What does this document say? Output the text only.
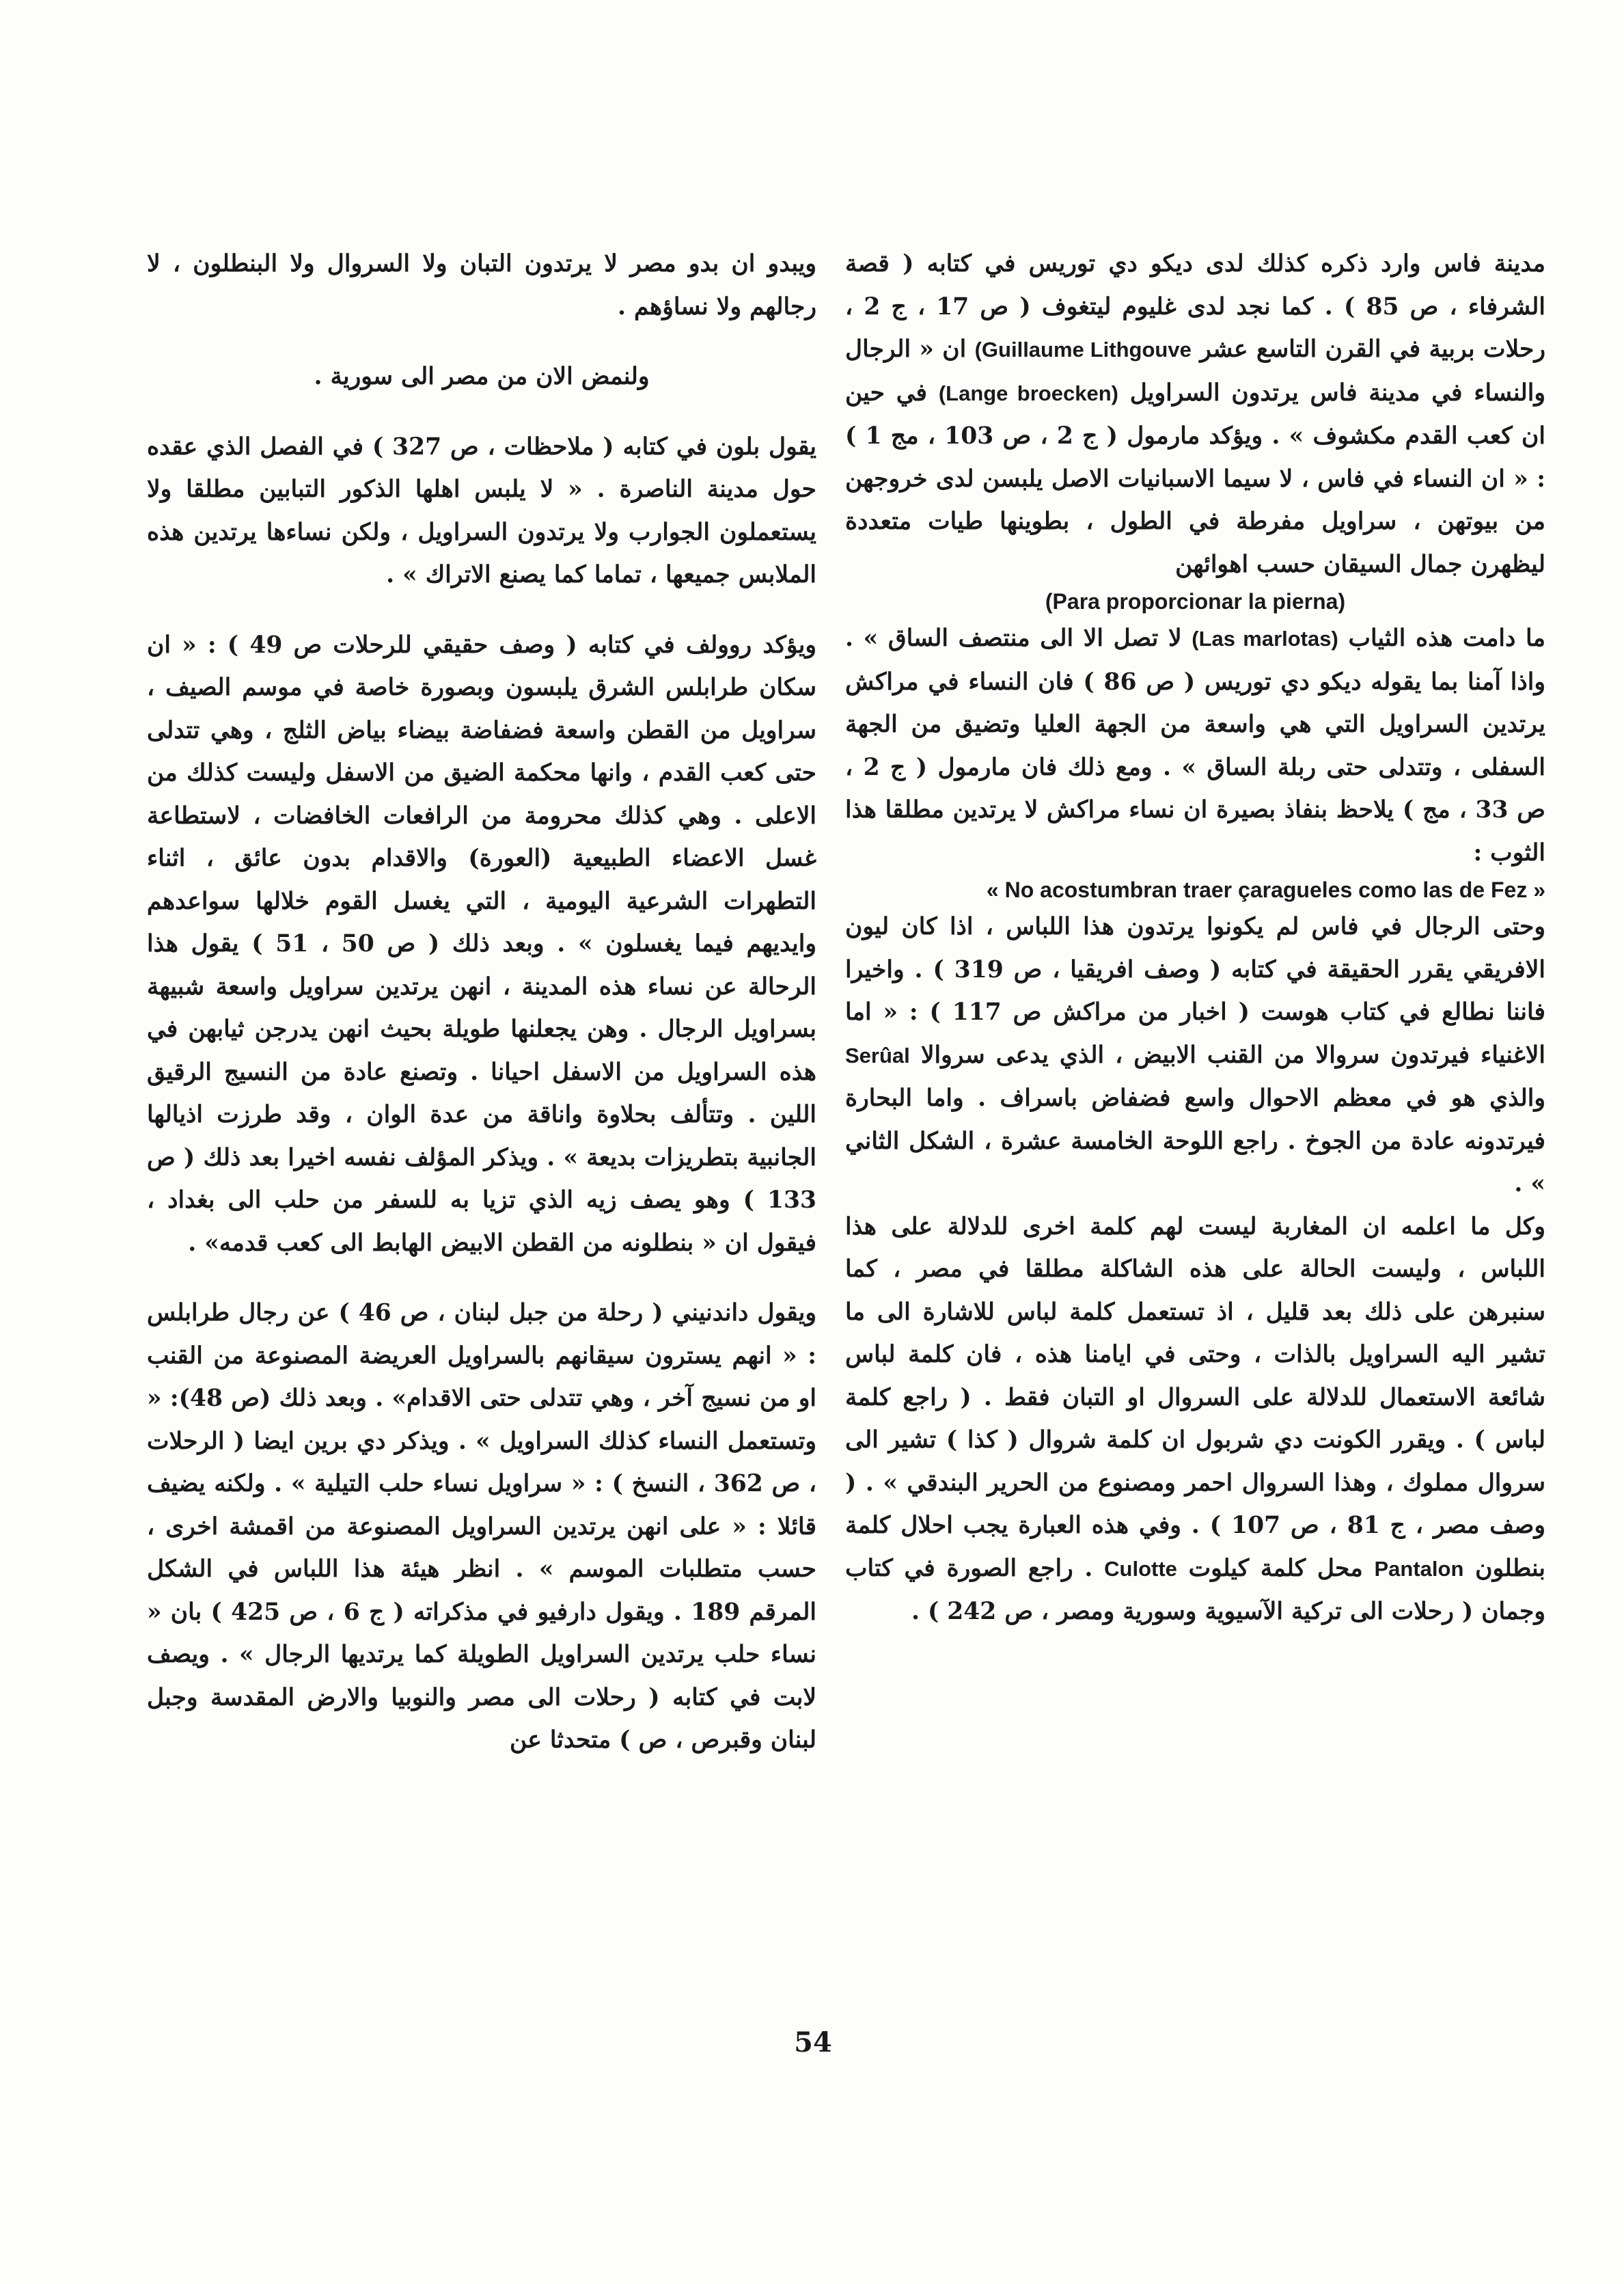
مدينة فاس وارد ذكره كذلك لدى ديكو دي توريس في كتابه ( قصة الشرفاء ، ص 85 ) . كما نجد لدى غليوم ليتغوف ( ص 17 ، ج 2 ، رحلات بربية في القرن التاسع عشر (Guillaume Lithgouve ان « الرجال والنساء في مدينة فاس يرتدون السراويل (Lange broecken) في حين ان كعب القدم مكشوف » . ويؤكد مارمول ( ج 2 ، ص 103 ، مج 1 ) : « ان النساء في فاس ، لا سيما الاسبانيات الاصل يلبسن لدى خروجهن من بيوتهن ، سراويل مفرطة في الطول ، بطوينها طيات متعددة ليظهرن جمال السيقان حسب اهوائهن

(Para proporcionar la pierna)

ما دامت هذه الثياب (Las marlotas) لا تصل الا الى منتصف الساق » . واذا آمنا بما يقوله ديكو دي توريس ( ص 86 ) فان النساء في مراكش يرتدين السراويل التي هي واسعة من الجهة العليا وتضيق من الجهة السفلى ، وتتدلى حتى ربلة الساق » . ومع ذلك فان مارمول ( ج 2 ، ص 33 ، مج ) يلاحظ بنفاذ بصيرة ان نساء مراكش لا يرتدين مطلقا هذا الثوب :

« No acostumbran traer çaragueles como las de Fez »

وحتى الرجال في فاس لم يكونوا يرتدون هذا اللباس ، اذا كان ليون الافريقي يقرر الحقيقة في كتابه ( وصف افريقيا ، ص 319 ) . واخيرا فاننا نطالع في كتاب هوست ( اخبار من مراكش ص 117 ) : « اما الاغنياء فيرتدون سروالا من القنب الابيض ، الذي يدعى سروالا Serûal والذي هو في معظم الاحوال واسع فضفاض باسراف . واما البحارة فيرتدونه عادة من الجوخ . راجع اللوحة الخامسة عشرة ، الشكل الثاني » .

وكل ما اعلمه ان المغاربة ليست لهم كلمة اخرى للدلالة على هذا اللباس ، وليست الحالة على هذه الشاكلة مطلقا في مصر ، كما سنبرهن على ذلك بعد قليل ، اذ تستعمل كلمة لباس للاشارة الى ما تشير اليه السراويل بالذات ، وحتى في ايامنا هذه ، فان كلمة لباس شائعة الاستعمال للدلالة على السروال او التبان فقط . ( راجع كلمة لباس ) . ويقرر الكونت دي شربول ان كلمة شروال ( كذا ) تشير الى سروال مملوك ، وهذا السروال احمر ومصنوع من الحرير البندقي » . ( وصف مصر ، ج 81 ، ص 107 ) . وفي هذه العبارة يجب احلال كلمة بنطلون Pantalon محل كلمة كيلوت Culotte . راجع الصورة في كتاب وجمان ( رحلات الى تركية الآسيوية وسورية ومصر ، ص 242 ) .

ويبدو ان بدو مصر لا يرتدون التبان ولا السروال ولا البنطلون ، لا رجالهم ولا نساؤهم .

ولنمض الان من مصر الى سورية .

يقول بلون في كتابه ( ملاحظات ، ص 327 ) في الفصل الذي عقده حول مدينة الناصرة . « لا يلبس اهلها الذكور التبابين مطلقا ولا يستعملون الجوارب ولا يرتدون السراويل ، ولكن نساءها يرتدين هذه الملابس جميعها ، تماما كما يصنع الاتراك » .

ويؤكد روولف في كتابه ( وصف حقيقي للرحلات ص 49 ) : « ان سكان طرابلس الشرق يلبسون وبصورة خاصة في موسم الصيف ، سراويل من القطن واسعة فضفاضة بيضاء بياض الثلج ، وهي تتدلى حتى كعب القدم ، وانها محكمة الضيق من الاسفل وليست كذلك من الاعلى . وهي كذلك محرومة من الرافعات الخافضات ، لاستطاعة غسل الاعضاء الطبيعية (العورة) والاقدام بدون عائق ، اثناء التطهرات الشرعية اليومية ، التي يغسل القوم خلالها سواعدهم وايديهم فيما يغسلون » . وبعد ذلك ( ص 50 ، 51 ) يقول هذا الرحالة عن نساء هذه المدينة ، انهن يرتدين سراويل واسعة شبيهة بسراويل الرجال . وهن يجعلنها طويلة بحيث انهن يدرجن ثيابهن في هذه السراويل من الاسفل احيانا . وتصنع عادة من النسيج الرقيق اللين . وتتألف بحلاوة واناقة من عدة الوان ، وقد طرزت اذيالها الجانبية بتطريزات بديعة » . ويذكر المؤلف نفسه اخيرا بعد ذلك ( ص 133 ) وهو يصف زيه الذي تزيا به للسفر من حلب الى بغداد ، فيقول ان « بنطلونه من القطن الابيض الهابط الى كعب قدمه» .

ويقول داندنيني ( رحلة من جبل لبنان ، ص 46 ) عن رجال طرابلس : « انهم يسترون سيقانهم بالسراويل العريضة المصنوعة من القنب او من نسيج آخر ، وهي تتدلى حتى الاقدام» . وبعد ذلك (ص 48): « وتستعمل النساء كذلك السراويل » . ويذكر دي برين ايضا ( الرحلات ، ص 362 ، النسخ ) : « سراويل نساء حلب التيلية » . ولكنه يضيف قائلا : « على انهن يرتدين السراويل المصنوعة من اقمشة اخرى ، حسب متطلبات الموسم » . انظر هيئة هذا اللباس في الشكل المرقم 189 . ويقول دارفيو في مذكراته ( ج 6 ، ص 425 ) بان « نساء حلب يرتدين السراويل الطويلة كما يرتديها الرجال » . ويصف لابت في كتابه ( رحلات الى مصر والنوبيا والارض المقدسة وجبل لبنان وقبرص ، ص ) متحدثا عن

54
